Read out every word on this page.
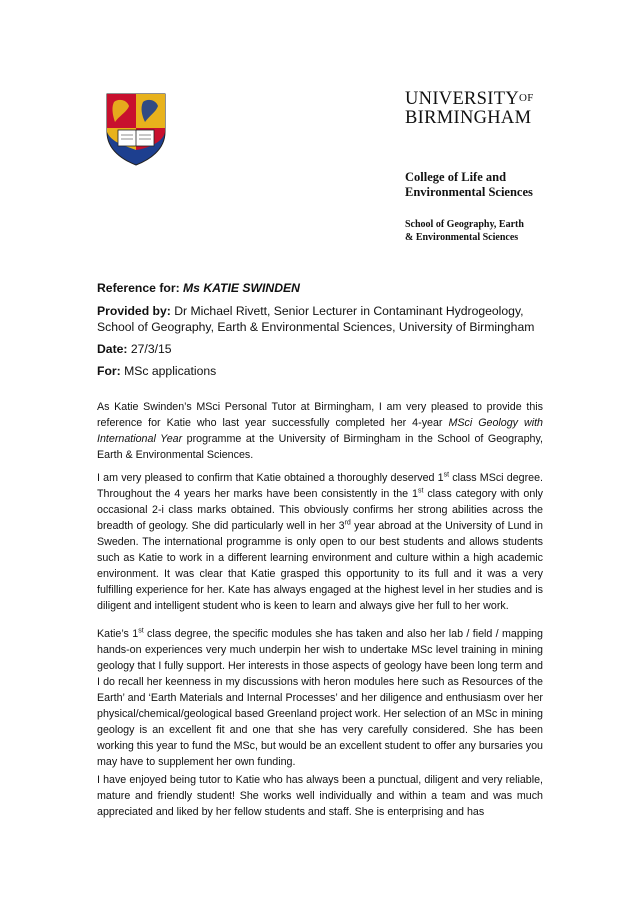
$UNIVERSITY^{OF}$
BIRMINGHAM
College of Life and
Environmental Sciences
School of Geography, Earth
& Environmental Sciences
Reference for: Ms KATIE SWINDEN
Provided by: Dr Michael Rivett, Senior Lecturer in Contaminant Hydrogeology,
School of Geography, Earth & Environmental Sciences, University of Birmingham
Date: 27/3/15
For: MSc applications
As Katie Swinden’s MSci Personal Tutor at Birmingham, I am very pleased to provide this reference for Katie who last year successfully completed her 4-year MSci Geology with International Year programme at the University of Birmingham in the School of Geography, Earth & Environmental Sciences.
I am very pleased to confirm that Katie obtained a thoroughly deserved 1st class MSci degree. Throughout the 4 years her marks have been consistently in the 1st class category with only occasional 2-i class marks obtained. This obviously confirms her strong abilities across the breadth of geology. She did particularly well in her 3rd year abroad at the University of Lund in Sweden. The international programme is only open to our best students and allows students such as Katie to work in a different learning environment and culture within a high academic environment. It was clear that Katie grasped this opportunity to its full and it was a very fulfilling experience for her. Kate has always engaged at the highest level in her studies and is diligent and intelligent student who is keen to learn and always give her full to her work.
Katie’s 1st class degree, the specific modules she has taken and also her lab / field / mapping hands-on experiences very much underpin her wish to undertake MSc level training in mining geology that I fully support. Her interests in those aspects of geology have been long term and I do recall her keenness in my discussions with heron modules here such as Resources of the Earth’ and ‘Earth Materials and Internal Processes’ and her diligence and enthusiasm over her physical/chemical/geological based Greenland project work. Her selection of an MSc in mining geology is an excellent fit and one that she has very carefully considered. She has been working this year to fund the MSc, but would be an excellent student to offer any bursaries you may have to supplement her own funding.
I have enjoyed being tutor to Katie who has always been a punctual, diligent and very reliable, mature and friendly student! She works well individually and within a team and was much appreciated and liked by her fellow students and staff. She is enterprising and has
